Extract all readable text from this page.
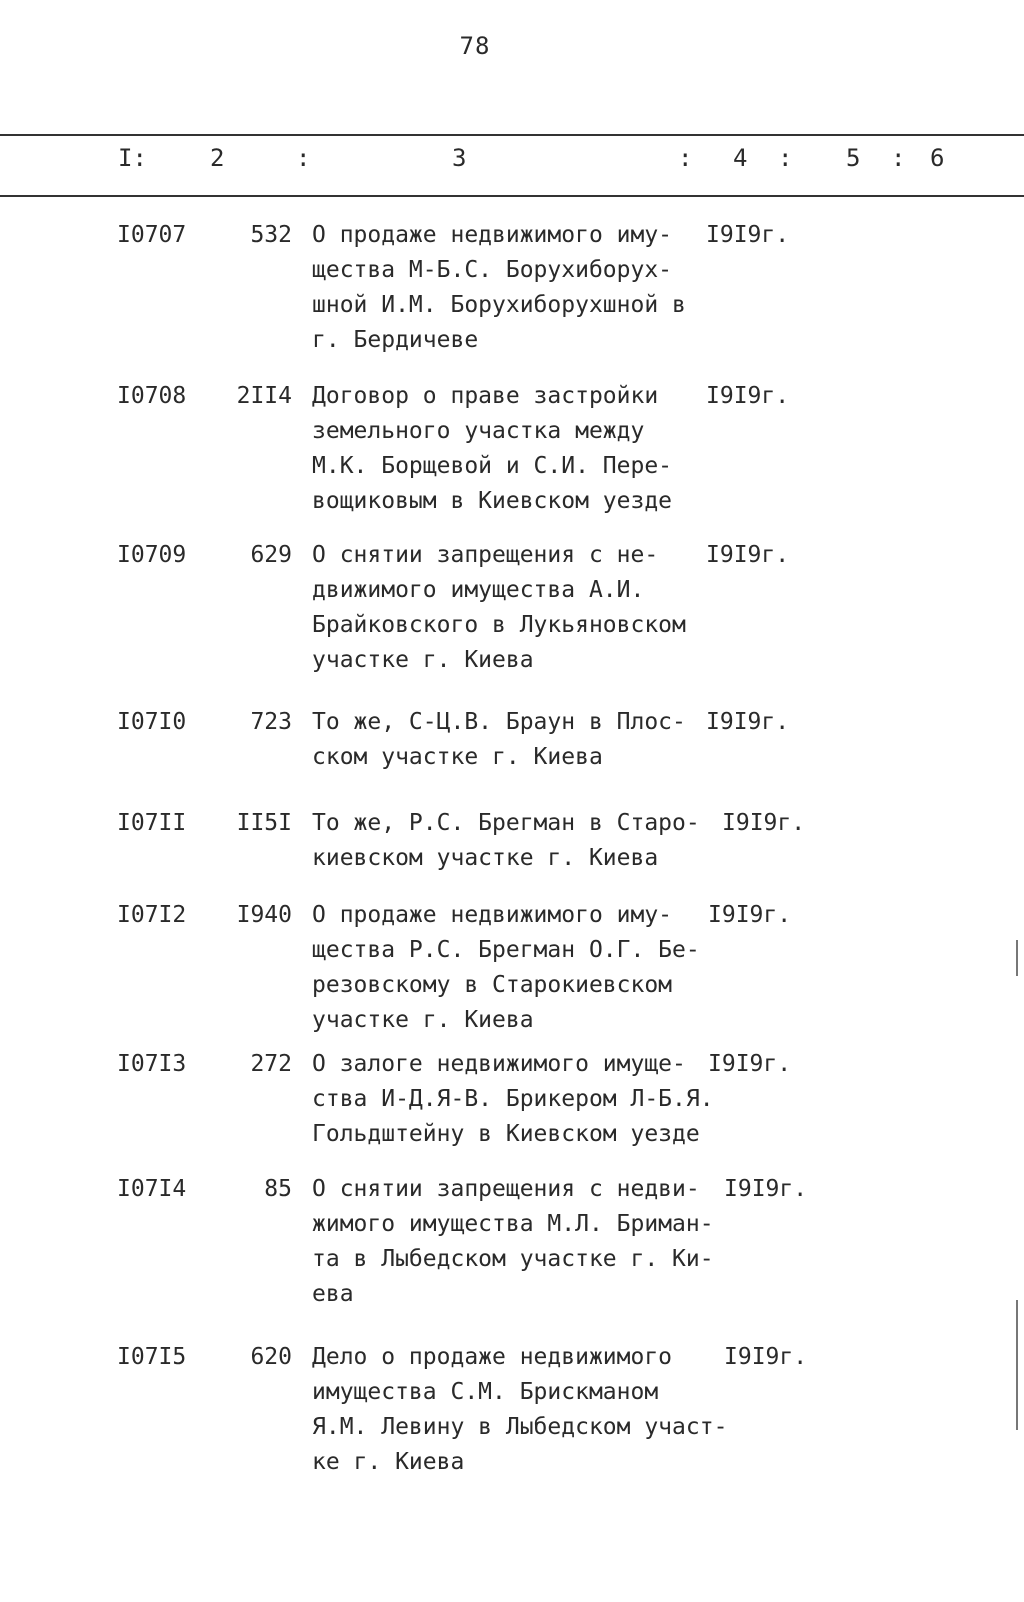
78
I:	2	:	3	: 4 : 5 : 6
I0707	532 О продаже недвижимого иму-
щества М-Б.С. Борухиборух-
шной И.М. Борухиборухшной в
г. Бердичеве
I9I9г.
I0708	2II4 Договор о праве застройки
земельного участка между
М.К. Борщевой и С.И. Пере-
вощиковым в Киевском уезде
I9I9г.
I0709	629 О снятии запрещения с не-
движимого имущества А.И.
Брайковского в Лукьяновском
участке г. Киева
I9I9г.
I07I0	723 То же, С-Ц.В. Браун в Плос-
ском участке г. Киева
I9I9г.
I07II	II5I То же, Р.С. Брегман в Старо-
киевском участке г. Киева
I9I9г.
I07I2	I940 О продаже недвижимого иму-
щества Р.С. Брегман О.Г. Бе-
резовскому в Старокиевском
участке г. Киева
I9I9г.
I07I3	272 О залоге недвижимого имуще-
ства И-Д.Я-В. Брикером Л-Б.Я.
Гольдштейну в Киевском уезде
I9I9г.
I07I4	85 О снятии запрещения с недви-
жимого имущества М.Л. Бриман-
та в Лыбедском участке г. Ки-
ева
I9I9г.
I07I5	620 Дело о продаже недвижимого
имущества С.М. Брискманом
Я.М. Левину в Лыбедском участ-
ке г. Киева
I9I9г.
